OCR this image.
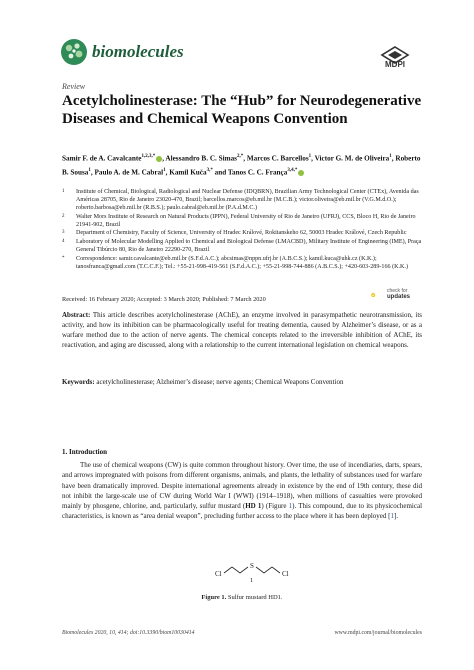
biomolecules
MDPI
Review
Acetylcholinesterase: The “Hub” for Neurodegenerative Diseases and Chemical Weapons Convention
Samir F. de A. Cavalcante$^{1,2,3,*}$ , Alessandro B. C. Simas$^{2,*}$, Marcos C. Barcellos$^1$, Victor G. M. de Oliveira$^1$, Roberto B. Sousa$^1$, Paulo A. de M. Cabral$^1$, Kamil Kuča$^{3,*}$ and Tanos C. C. França$^{3,4,*}$
1	Institute of Chemical, Biological, Radiological and Nuclear Defense (IDQBRN), Brazilian Army Technological Center (CTEx), Avenida das Américas 28705, Rio de Janeiro 23020-470, Brazil; barcellos.marcos@eb.mil.br (M.C.B.); victor.oliveira@eb.mil.br (V.G.M.d.O.); roberto.barbosa@eb.mil.br (R.B.S.); paulo.cabral@eb.mil.br (P.A.d.M.C.)
2	Walter Mors Institute of Research on Natural Products (IPPN), Federal University of Rio de Janeiro (UFRJ), CCS, Bloco H, Rio de Janeiro 21941-902, Brazil
3	Department of Chemistry, Faculty of Science, University of Hradec Králové, Rokitanskeho 62, 50003 Hradec Králové, Czech Republic
4	Laboratory of Molecular Modelling Applied to Chemical and Biological Defense (LMACBD), Military Institute of Engineering (IME), Praça General Tibúrcio 80, Rio de Janeiro 22290-270, Brazil
*	Correspondence: samir.cavalcante@eb.mil.br (S.F.d.A.C.); abcsimas@nppn.ufrj.br (A.B.C.S.); kamil.kuca@uhk.cz (K.K.); tanosfranca@gmail.com (T.C.C.F.); Tel.: +55-21-998-419-561 (S.F.d.A.C.); +55-21-998-744-886 (A.B.C.S.); +420-603-289-166 (K.K.)
Received: 16 February 2020; Accepted: 3 March 2020; Published: 7 March 2020
check for
updates
Abstract: This article describes acetylcholinesterase (AChE), an enzyme involved in parasympathetic neurotransmission, its activity, and how its inhibition can be pharmacologically useful for treating dementia, caused by Alzheimer’s disease, or as a warfare method due to the action of nerve agents. The chemical concepts related to the irreversible inhibition of AChE, its reactivation, and aging are discussed, along with a relationship to the current international legislation on chemical weapons.
Keywords: acetylcholinesterase; Alzheimer’s disease; nerve agents; Chemical Weapons Convention
1. Introduction
The use of chemical weapons (CW) is quite common throughout history. Over time, the use of incendiaries, darts, spears, and arrows impregnated with poisons from different organisms, animals, and plants, the lethality of substances used for warfare have been dramatically improved. Despite international agreements already in existence by the end of 19th century, these did not inhibit the large-scale use of CW during World War I (WWI) (1914–1918), when millions of casualties were provoked mainly by phosgene, chlorine, and, particularly, sulfur mustard (HD 1) (Figure 1). This compound, due to its physicochemical characteristics, is known as “area denial weapon”, precluding further access to the place where it has been deployed [1].
Cl
S
Cl
1
Figure 1. Sulfur mustard HD1.
Biomolecules 2020, 10, 414; doi:10.3390/biom10030414	www.mdpi.com/journal/biomolecules
